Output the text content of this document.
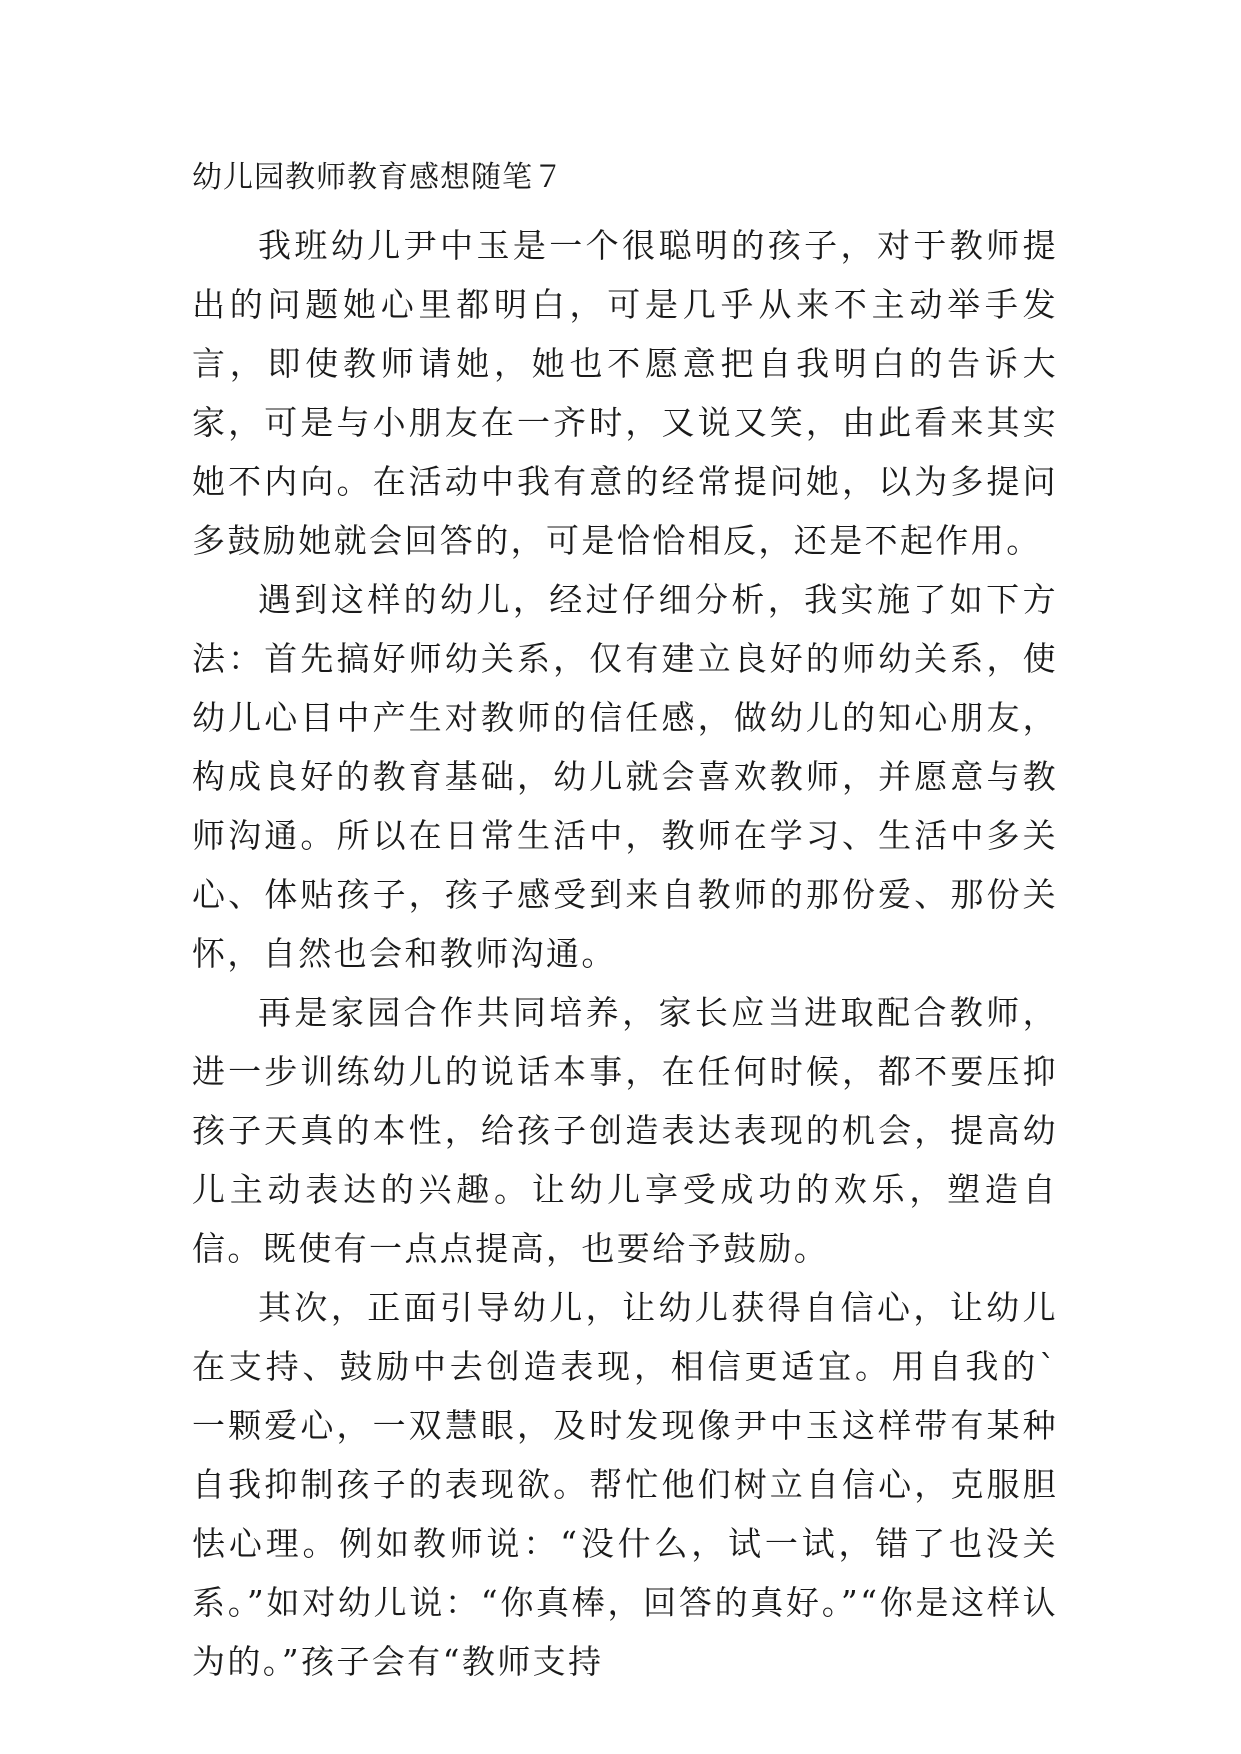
幼儿园教师教育感想随笔７

我班幼儿尹中玉是一个很聪明的孩子，对于教师提出的问题她心里都明白，可是几乎从来不主动举手发言，即使教师请她，她也不愿意把自我明白的告诉大家，可是与小朋友在一齐时，又说又笑，由此看来其实她不内向。在活动中我有意的经常提问她，以为多提问多鼓励她就会回答的，可是恰恰相反，还是不起作用。

遇到这样的幼儿，经过仔细分析，我实施了如下方法：首先搞好师幼关系，仅有建立良好的师幼关系，使幼儿心目中产生对教师的信任感，做幼儿的知心朋友，构成良好的教育基础，幼儿就会喜欢教师，并愿意与教师沟通。所以在日常生活中，教师在学习、生活中多关心、体贴孩子，孩子感受到来自教师的那份爱、那份关怀，自然也会和教师沟通。

再是家园合作共同培养，家长应当进取配合教师，进一步训练幼儿的说话本事，在任何时候，都不要压抑孩子天真的本性，给孩子创造表达表现的机会，提高幼儿主动表达的兴趣。让幼儿享受成功的欢乐，塑造自信。既使有一点点提高，也要给予鼓励。

其次，正面引导幼儿，让幼儿获得自信心，让幼儿在支持、鼓励中去创造表现，相信更适宜。用自我的`一颗爱心，一双慧眼，及时发现像尹中玉这样带有某种自我抑制孩子的表现欲。帮忙他们树立自信心，克服胆怯心理。例如教师说：“没什么，试一试，错了也没关系。”如对幼儿说：“你真棒，回答的真好。”“你是这样认为的。”孩子会有“教师支持
